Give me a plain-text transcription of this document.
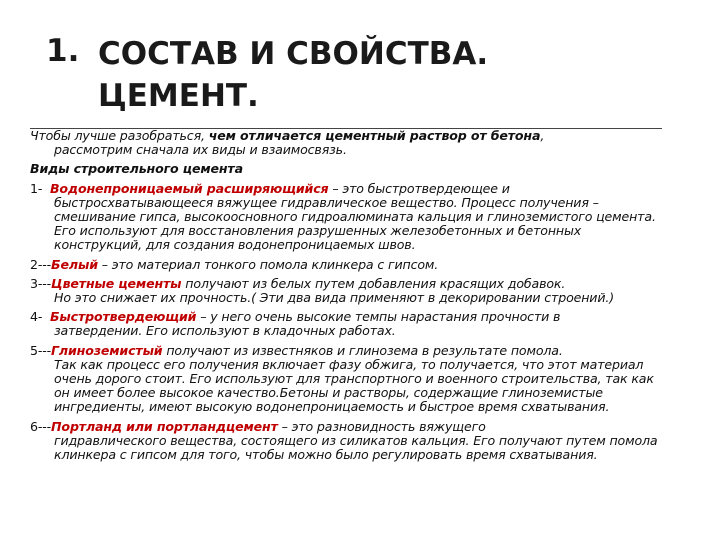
1. СОСТАВ И СВОЙСТВА.
ЦЕМЕНТ.

Чтобы лучше разобраться, чем отличается цементный раствор от бетона,
рассмотрим сначала их виды и взаимосвязь.

Виды строительного цемента

1- Водонепроницаемый расширяющийся – это быстротвердеющее и
быстросхватывающееся вяжущее гидравлическое вещество. Процесс получения – смешивание гипса, высокоосновного гидроалюмината кальция и глиноземистого цемента. Его используют для восстановления разрушенных железобетонных и бетонных конструкций, для создания водонепроницаемых швов.

2---Белый – это материал тонкого помола клинкера с гипсом.

3---Цветные цементы получают из белых путем добавления красящих добавок.
Но это снижает их прочность.( Эти два вида применяют в декорировании строений.)

4- Быстротвердеющий – у него очень высокие темпы нарастания прочности в
затвердении. Его используют в кладочных работах.

5---Глиноземистый получают из известняков и глинозема в результате помола.
Так как процесс его получения включает фазу обжига, то получается, что этот материал очень дорого стоит. Его используют для транспортного и военного строительства, так как он имеет более высокое качество.Бетоны и растворы, содержащие глиноземистые ингредиенты, имеют высокую водонепроницаемость и быстрое время схватывания.

6---Портланд или портландцемент – это разновидность вяжущего
гидравлического вещества, состоящего из силикатов кальция. Его получают путем помола клинкера с гипсом для того, чтобы можно было регулировать время схватывания.
